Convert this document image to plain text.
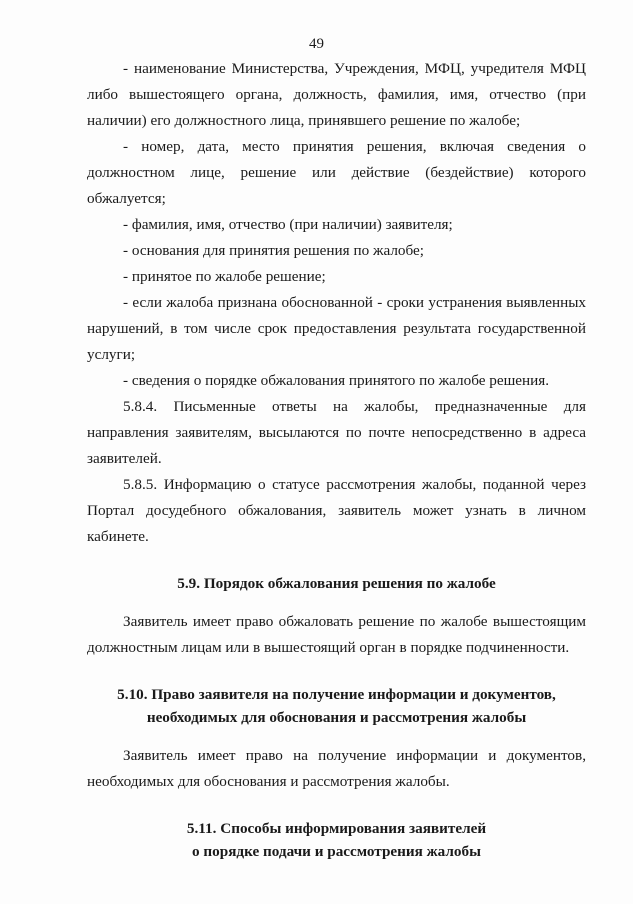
49

- наименование Министерства, Учреждения, МФЦ, учредителя МФЦ либо вышестоящего органа, должность, фамилия, имя, отчество (при наличии) его должностного лица, принявшего решение по жалобе;

- номер, дата, место принятия решения, включая сведения о должностном лице, решение или действие (бездействие) которого обжалуется;

- фамилия, имя, отчество (при наличии) заявителя;

- основания для принятия решения по жалобе;

- принятое по жалобе решение;

- если жалоба признана обоснованной - сроки устранения выявленных нарушений, в том числе срок предоставления результата государственной услуги;

- сведения о порядке обжалования принятого по жалобе решения.

5.8.4. Письменные ответы на жалобы, предназначенные для направления заявителям, высылаются по почте непосредственно в адреса заявителей.

5.8.5. Информацию о статусе рассмотрения жалобы, поданной через Портал досудебного обжалования, заявитель может узнать в личном кабинете.

5.9. Порядок обжалования решения по жалобе

Заявитель имеет право обжаловать решение по жалобе вышестоящим должностным лицам или в вышестоящий орган в порядке подчиненности.

5.10. Право заявителя на получение информации и документов,
необходимых для обоснования и рассмотрения жалобы

Заявитель имеет право на получение информации и документов, необходимых для обоснования и рассмотрения жалобы.

5.11. Способы информирования заявителей
о порядке подачи и рассмотрения жалобы
